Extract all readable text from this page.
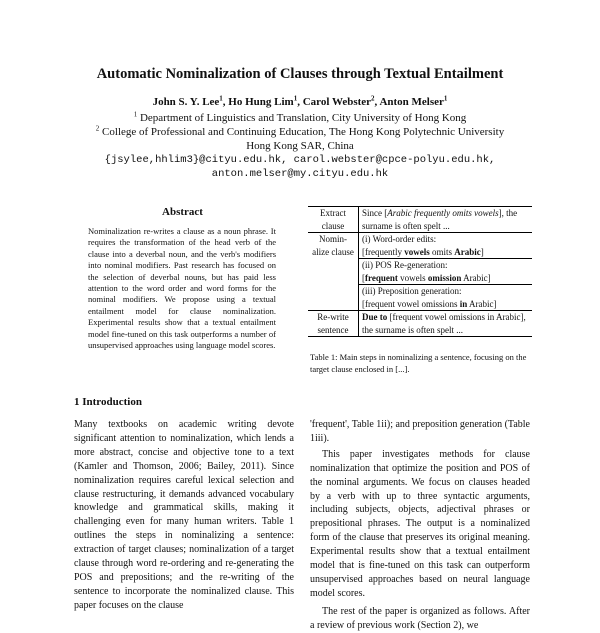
Automatic Nominalization of Clauses through Textual Entailment
John S. Y. Lee$^1$, Ho Hung Lim$^1$, Carol Webster$^2$, Anton Melser$^1$
$^1$ Department of Linguistics and Translation, City University of Hong Kong
$^2$ College of Professional and Continuing Education, The Hong Kong Polytechnic University
Hong Kong SAR, China
{jsylee,hhlim3}@cityu.edu.hk, carol.webster@cpce-polyu.edu.hk,
anton.melser@my.cityu.edu.hk
Abstract

Nominalization re-writes a clause as a noun phrase. It requires the transformation of the head verb of the clause into a deverbal noun, and the verb's modifiers into nominal modifiers. Past research has focused on the selection of deverbal nouns, but has paid less attention to the word order and word forms for the nominal modifiers. We propose using a textual entailment model for clause nominalization. Experimental results show that a textual entailment model fine-tuned on this task outperforms a number of unsupervised approaches using language model scores.

Extract clause	Since [Arabic frequently omits vowels], the surname is often spelt ...
Nomin-alize clause	(i) Word-order edits:
	[frequently vowels omits Arabic]
	(ii) POS Re-generation:
	[frequent vowels omission Arabic]
	(iii) Preposition generation:
	[frequent vowel omissions in Arabic]
Re-write sentence	Due to [frequent vowel omissions in Arabic], the surname is often spelt ...
Table 1: Main steps in nominalizing a sentence, focusing on the target clause enclosed in [...].
1 Introduction

Many textbooks on academic writing devote significant attention to nominalization, which lends a more abstract, concise and objective tone to a text (Kamler and Thomson, 2006; Bailey, 2011). Since nominalization requires careful lexical selection and clause restructuring, it demands advanced vocabulary knowledge and grammatical skills, making it challenging even for many human writers. Table 1 outlines the steps in nominalizing a sentence: extraction of target clauses; nominalization of a target clause through word re-ordering and re-generating the POS and prepositions; and the re-writing of the sentence to incorporate the nominalized clause. This paper focuses on the clause

'frequent', Table 1ii); and preposition generation (Table 1iii).

This paper investigates methods for clause nominalization that optimize the position and POS of the nominal arguments. We focus on clauses headed by a verb with up to three syntactic arguments, including subjects, objects, adjectival phrases or prepositional phrases. The output is a nominalized form of the clause that preserves its original meaning. Experimental results show that a textual entailment model that is fine-tuned on this task can outperform unsupervised approaches based on neural language model scores.

The rest of the paper is organized as follows. After a review of previous work (Section 2), we
